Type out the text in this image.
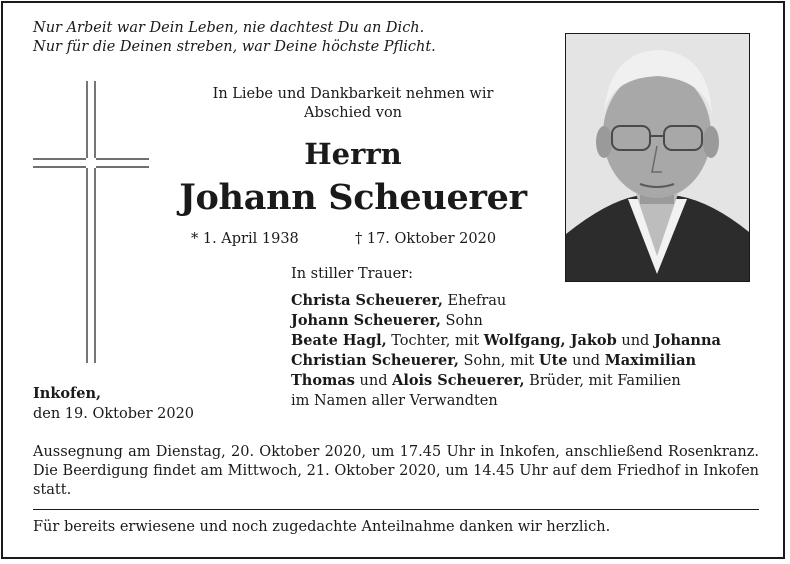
Nur Arbeit war Dein Leben, nie dachtest Du an Dich.
Nur für die Deinen streben, war Deine höchste Pflicht.
In Liebe und Dankbarkeit nehmen wir
Abschied von
Herrn
Johann Scheuerer
* 1. April 1938	† 17. Oktober 2020
In stiller Trauer:
Christa Scheuerer, Ehefrau
Johann Scheuerer, Sohn
Beate Hagl, Tochter, mit Wolfgang, Jakob und Johanna
Christian Scheuerer, Sohn, mit Ute und Maximilian
Thomas und Alois Scheuerer, Brüder, mit Familien
im Namen aller Verwandten
Inkofen,
den 19. Oktober 2020
Aussegnung am Dienstag, 20. Oktober 2020, um 17.45 Uhr in Inkofen, anschließend Rosenkranz. Die Beerdigung findet am Mittwoch, 21. Oktober 2020, um 14.45 Uhr auf dem Friedhof in Inkofen statt.
Für bereits erwiesene und noch zugedachte Anteilnahme danken wir herzlich.
